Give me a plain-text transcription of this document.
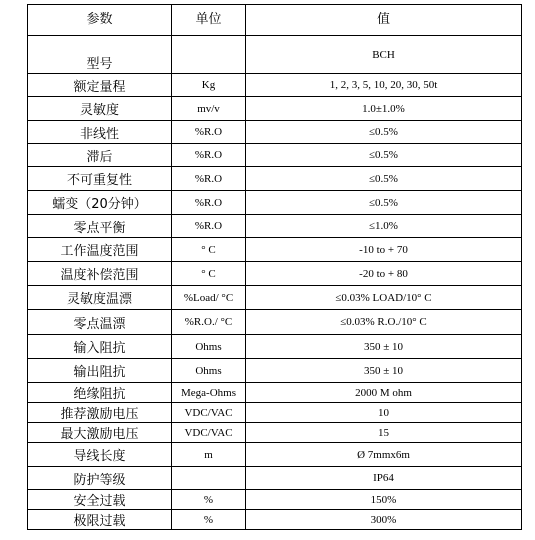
参数	单位	值
型号		BCH
额定量程	Kg	1, 2, 3, 5, 10, 20, 30, 50t
灵敏度	mv/v	1.0±1.0%
非线性	%R.O	≤0.5%
滞后	%R.O	≤0.5%
不可重复性	%R.O	≤0.5%
蠕变（20分钟）	%R.O	≤0.5%
零点平衡	%R.O	≤1.0%
工作温度范围	° C	-10 to + 70
温度补偿范围	° C	-20 to + 80
灵敏度温漂	%Load/ °C	≤0.03% LOAD/10° C
零点温漂	%R.O./ °C	≤0.03% R.O./10° C
输入阻抗	Ohms	350 ± 10
输出阻抗	Ohms	350 ± 10
绝缘阻抗	Mega-Ohms	2000 M ohm
推荐激励电压	VDC/VAC	10
最大激励电压	VDC/VAC	15
导线长度	m	Ø 7mmx6m
防护等级		IP64
安全过载	%	150%
极限过载	%	300%
